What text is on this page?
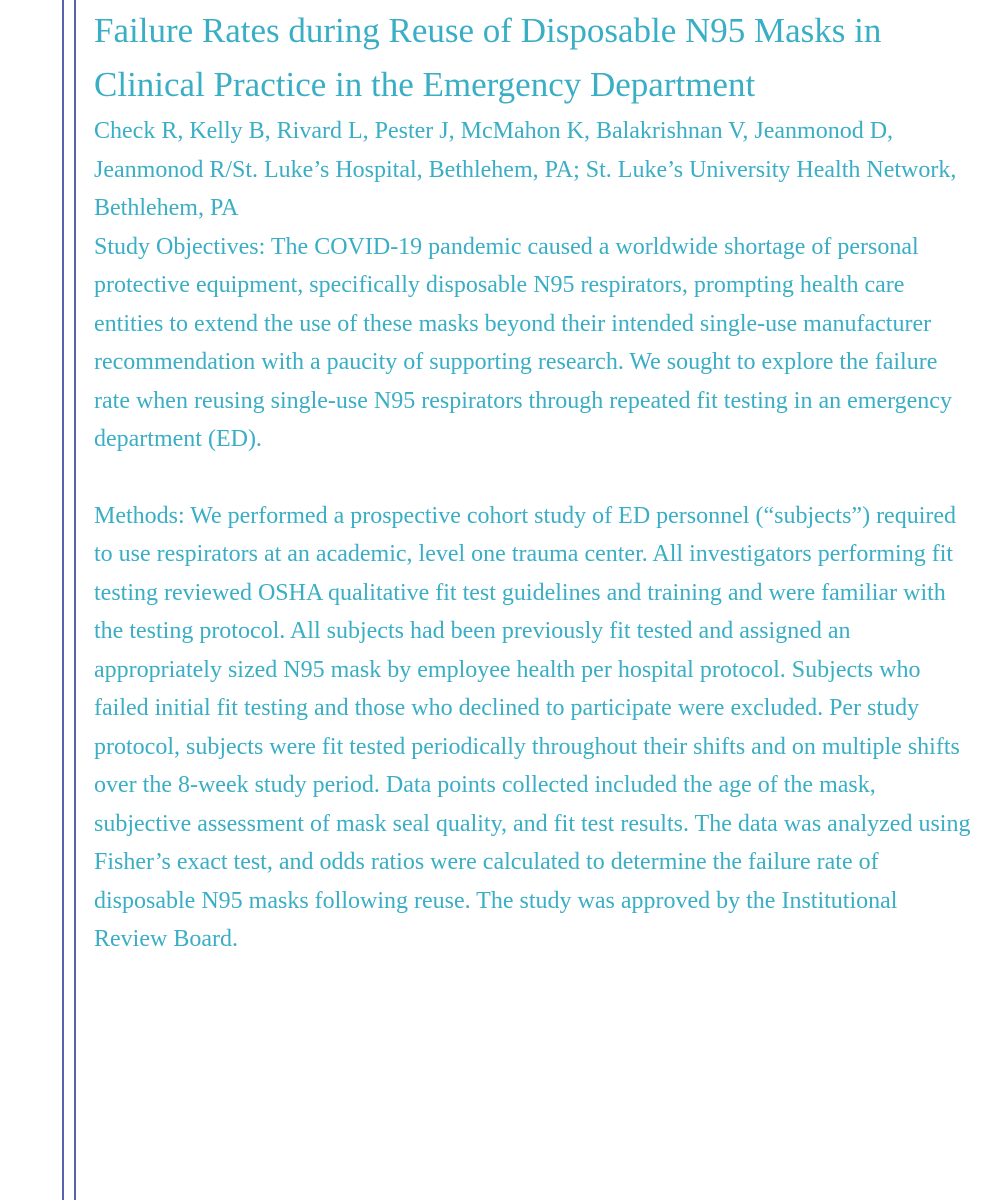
Failure Rates during Reuse of Disposable N95 Masks in Clinical Practice in the Emergency Department

Check R, Kelly B, Rivard L, Pester J, McMahon K, Balakrishnan V, Jeanmonod D, Jeanmonod R/St. Luke’s Hospital, Bethlehem, PA; St. Luke’s University Health Network, Bethlehem, PA

Study Objectives: The COVID-19 pandemic caused a worldwide shortage of personal protective equipment, specifically disposable N95 respirators, prompting health care entities to extend the use of these masks beyond their intended single-use manufacturer recommendation with a paucity of supporting research. We sought to explore the failure rate when reusing single-use N95 respirators through repeated fit testing in an emergency department (ED).

Methods: We performed a prospective cohort study of ED personnel (“subjects”) required to use respirators at an academic, level one trauma center. All investigators performing fit testing reviewed OSHA qualitative fit test guidelines and training and were familiar with the testing protocol. All subjects had been previously fit tested and assigned an appropriately sized N95 mask by employee health per hospital protocol. Subjects who failed initial fit testing and those who declined to participate were excluded. Per study protocol, subjects were fit tested periodically throughout their shifts and on multiple shifts over the 8-week study period. Data points collected included the age of the mask, subjective assessment of mask seal quality, and fit test results. The data was analyzed using Fisher’s exact test, and odds ratios were calculated to determine the failure rate of disposable N95 masks following reuse. The study was approved by the Institutional Review Board.
